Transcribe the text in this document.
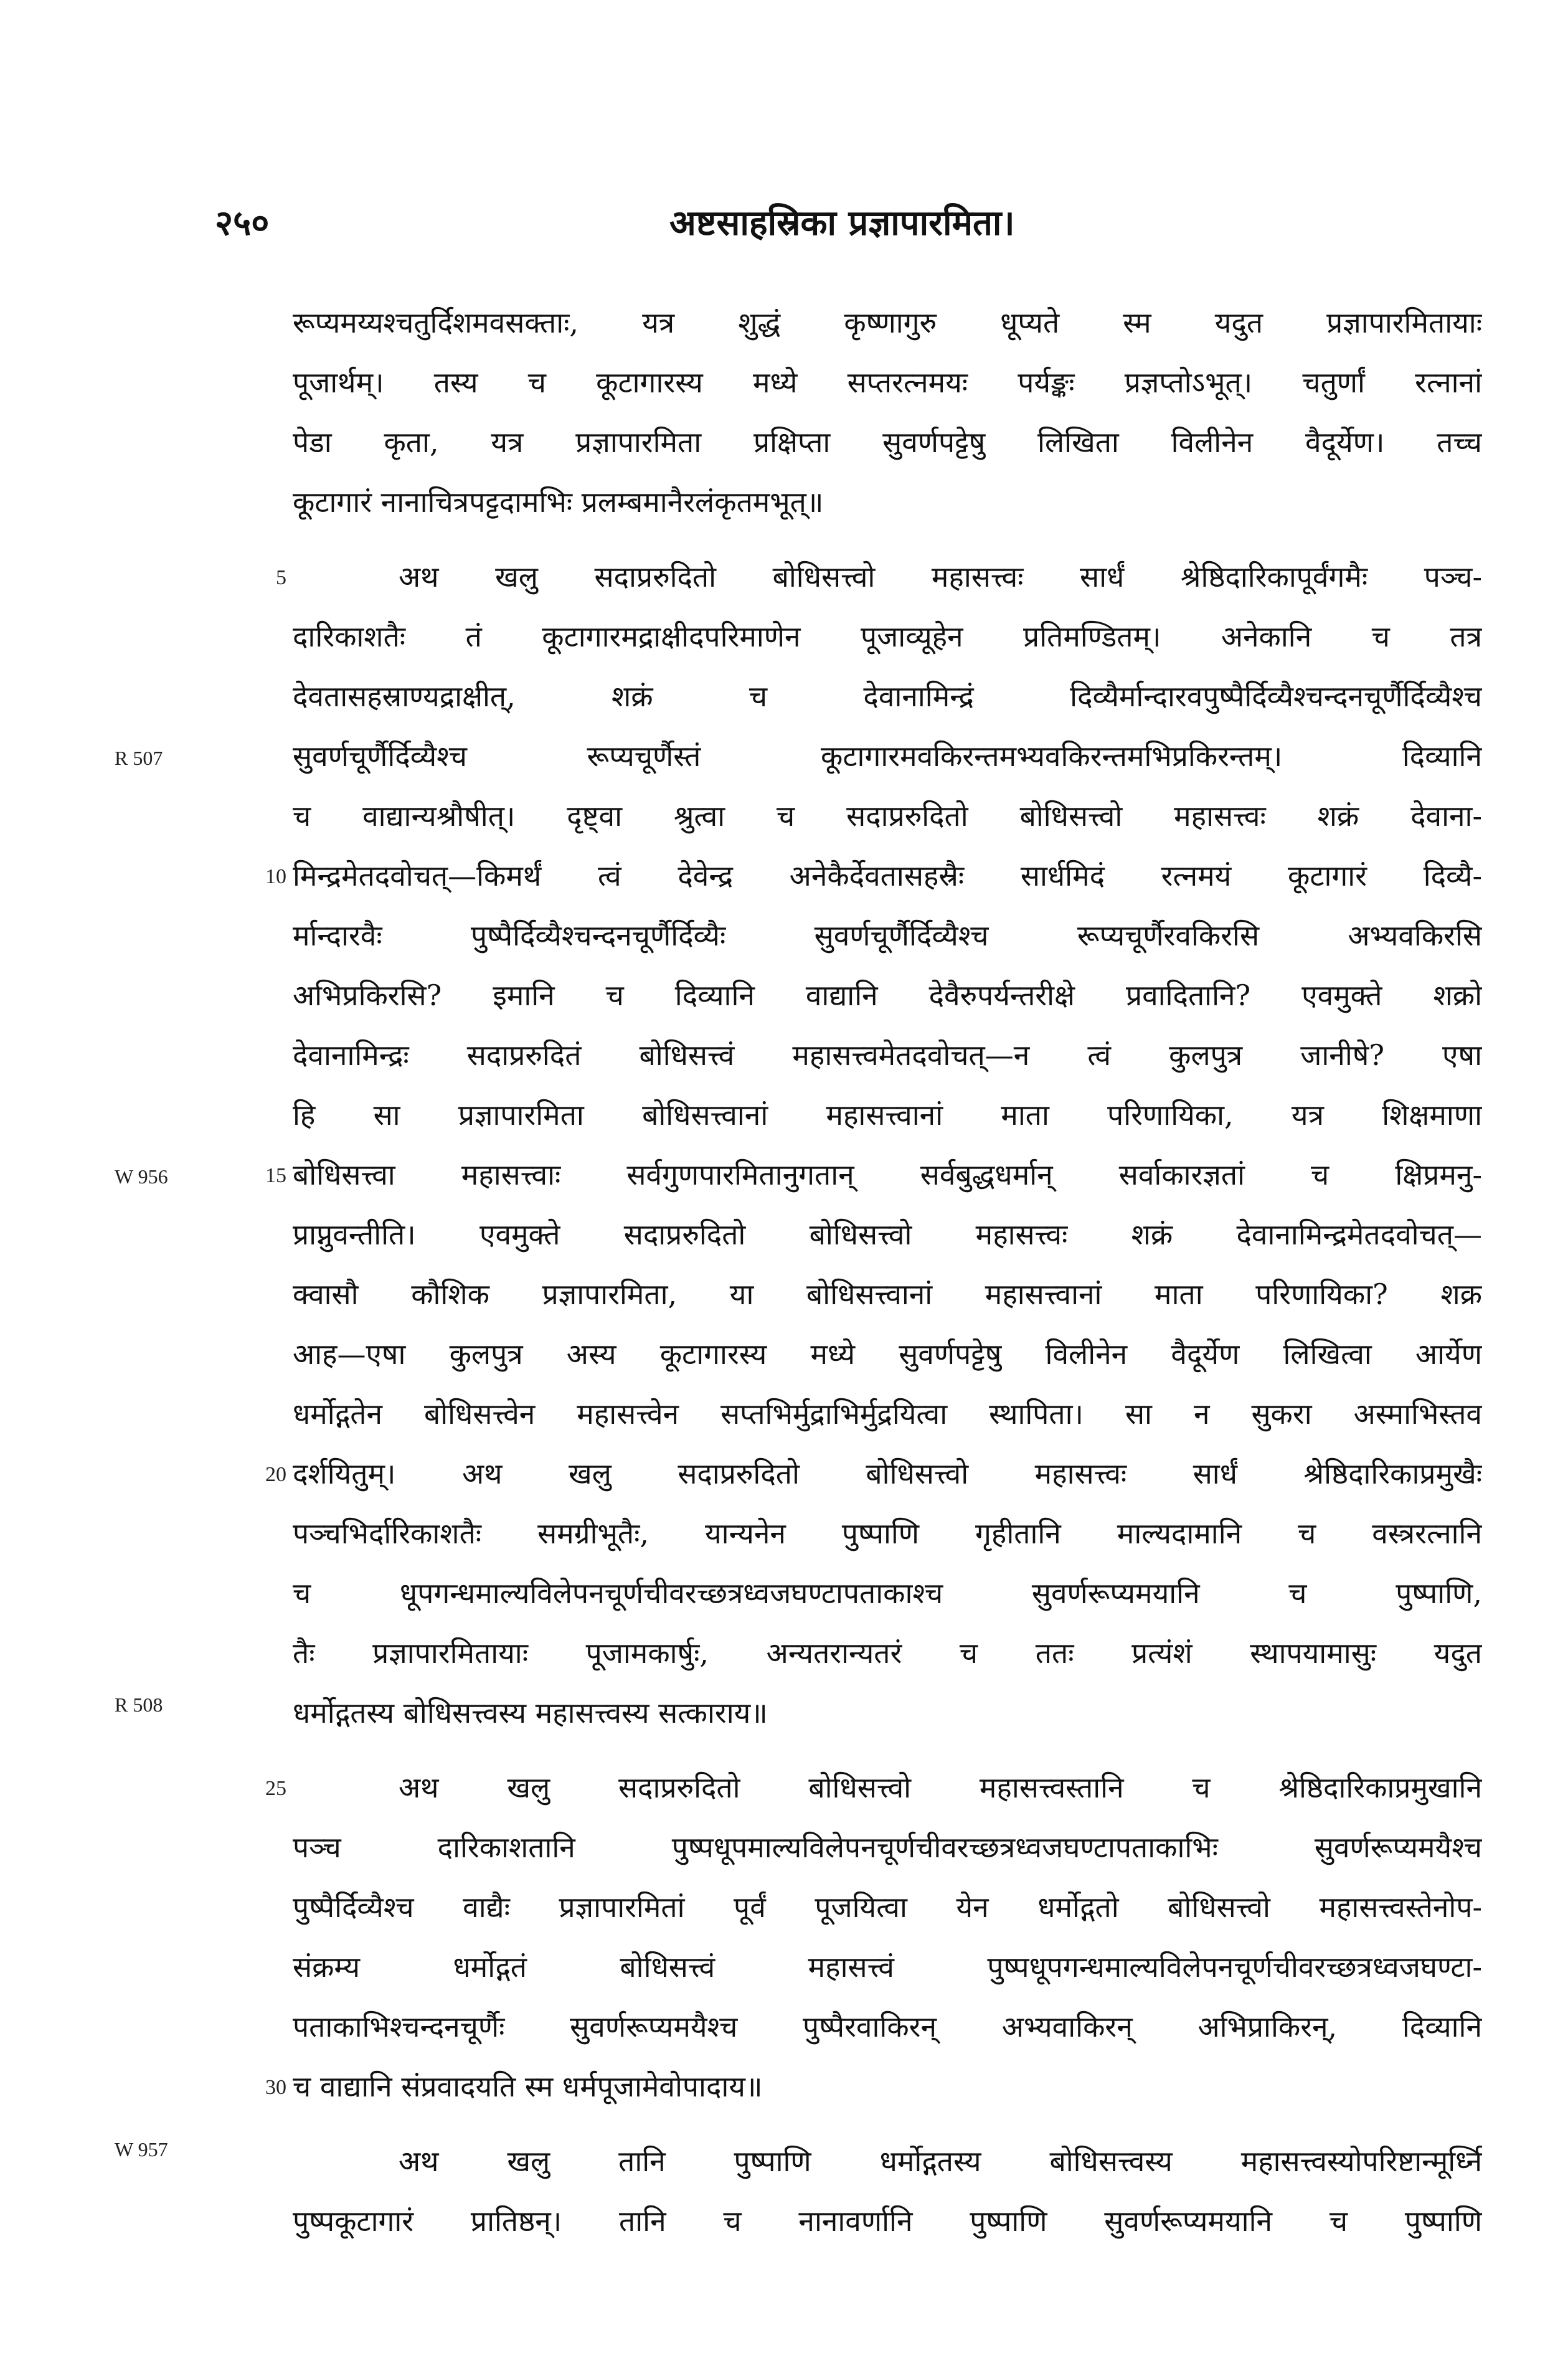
२५०	अष्टसाहस्रिका प्रज्ञापारमिता।
रूप्यमय्यश्चतुर्दिशमवसक्ताः, यत्र शुद्धं कृष्णागुरु धूप्यते स्म यदुत प्रज्ञापारमितायाः
पूजार्थम्। तस्य च कूटागारस्य मध्ये सप्तरत्नमयः पर्यङ्कः प्रज्ञप्तोऽभूत्। चतुर्णां रत्नानां
पेडा कृता, यत्र प्रज्ञापारमिता प्रक्षिप्ता सुवर्णपट्टेषु लिखिता विलीनेन वैदूर्येण। तच्च
कूटागारं नानाचित्रपट्टदामभिः प्रलम्बमानैरलंकृतमभूत्॥
अथ खलु सदाप्ररुदितो बोधिसत्त्वो महासत्त्वः सार्धं श्रेष्ठिदारिकापूर्वंगमैः पञ्च-
दारिकाशतैः तं कूटागारमद्राक्षीदपरिमाणेन पूजाव्यूहेन प्रतिमण्डितम्। अनेकानि च तत्र
देवतासहस्राण्यद्राक्षीत्, शक्रं च देवानामिन्द्रं दिव्यैर्मान्दारवपुष्पैर्दिव्यैश्चन्दनचूर्णैर्दिव्यैश्च
सुवर्णचूर्णैर्दिव्यैश्च रूप्यचूर्णैस्तं कूटागारमवकिरन्तमभ्यवकिरन्तमभिप्रकिरन्तम्। दिव्यानि
च वाद्यान्यश्रौषीत्। दृष्ट्वा श्रुत्वा च सदाप्ररुदितो बोधिसत्त्वो महासत्त्वः शक्रं देवाना-
मिन्द्रमेतदवोचत्—किमर्थं त्वं देवेन्द्र अनेकैर्देवतासहस्रैः सार्धमिदं रत्नमयं कूटागारं दिव्यै-
र्मान्दारवैः पुष्पैर्दिव्यैश्चन्दनचूर्णैर्दिव्यैः सुवर्णचूर्णैर्दिव्यैश्च रूप्यचूर्णैरवकिरसि अभ्यवकिरसि
अभिप्रकिरसि? इमानि च दिव्यानि वाद्यानि देवैरुपर्यन्तरीक्षे प्रवादितानि? एवमुक्ते शक्रो
देवानामिन्द्रः सदाप्ररुदितं बोधिसत्त्वं महासत्त्वमेतदवोचत्—न त्वं कुलपुत्र जानीषे? एषा
हि सा प्रज्ञापारमिता बोधिसत्त्वानां महासत्त्वानां माता परिणायिका, यत्र शिक्षमाणा
बोधिसत्त्वा महासत्त्वाः सर्वगुणपारमितानुगतान् सर्वबुद्धधर्मान् सर्वाकारज्ञतां च क्षिप्रमनु-
प्राप्नुवन्तीति। एवमुक्ते सदाप्ररुदितो बोधिसत्त्वो महासत्त्वः शक्रं देवानामिन्द्रमेतदवोचत्—
क्वासौ कौशिक प्रज्ञापारमिता, या बोधिसत्त्वानां महासत्त्वानां माता परिणायिका? शक्र
आह—एषा कुलपुत्र अस्य कूटागारस्य मध्ये सुवर्णपट्टेषु विलीनेन वैदूर्येण लिखित्वा आर्येण
धर्मोद्गतेन बोधिसत्त्वेन महासत्त्वेन सप्तभिर्मुद्राभिर्मुद्रयित्वा स्थापिता। सा न सुकरा अस्माभिस्तव
दर्शयितुम्। अथ खलु सदाप्ररुदितो बोधिसत्त्वो महासत्त्वः सार्धं श्रेष्ठिदारिकाप्रमुखैः
पञ्चभिर्दारिकाशतैः समग्रीभूतैः, यान्यनेन पुष्पाणि गृहीतानि माल्यदामानि च वस्त्ररत्नानि
च धूपगन्धमाल्यविलेपनचूर्णचीवरच्छत्रध्वजघण्टापताकाश्च सुवर्णरूप्यमयानि च पुष्पाणि,
तैः प्रज्ञापारमितायाः पूजामकार्षुः, अन्यतरान्यतरं च ततः प्रत्यंशं स्थापयामासुः यदुत
धर्मोद्गतस्य बोधिसत्त्वस्य महासत्त्वस्य सत्काराय॥
अथ खलु सदाप्ररुदितो बोधिसत्त्वो महासत्त्वस्तानि च श्रेष्ठिदारिकाप्रमुखानि
पञ्च दारिकाशतानि पुष्पधूपमाल्यविलेपनचूर्णचीवरच्छत्रध्वजघण्टापताकाभिः सुवर्णरूप्यमयैश्च
पुष्पैर्दिव्यैश्च वाद्यैः प्रज्ञापारमितां पूर्वं पूजयित्वा येन धर्मोद्गतो बोधिसत्त्वो महासत्त्वस्तेनोप-
संक्रम्य धर्मोद्गतं बोधिसत्त्वं महासत्त्वं पुष्पधूपगन्धमाल्यविलेपनचूर्णचीवरच्छत्रध्वजघण्टा-
पताकाभिश्चन्दनचूर्णैः सुवर्णरूप्यमयैश्च पुष्पैरवाकिरन् अभ्यवाकिरन् अभिप्राकिरन्, दिव्यानि
च वाद्यानि संप्रवादयति स्म धर्मपूजामेवोपादाय॥
अथ खलु तानि पुष्पाणि धर्मोद्गतस्य बोधिसत्त्वस्य महासत्त्वस्योपरिष्टान्मूर्ध्नि
पुष्पकूटागारं प्रातिष्ठन्। तानि च नानावर्णानि पुष्पाणि सुवर्णरूप्यमयानि च पुष्पाणि
5
10
15
20
25
30
R 507
W 956
R 508
W 957
